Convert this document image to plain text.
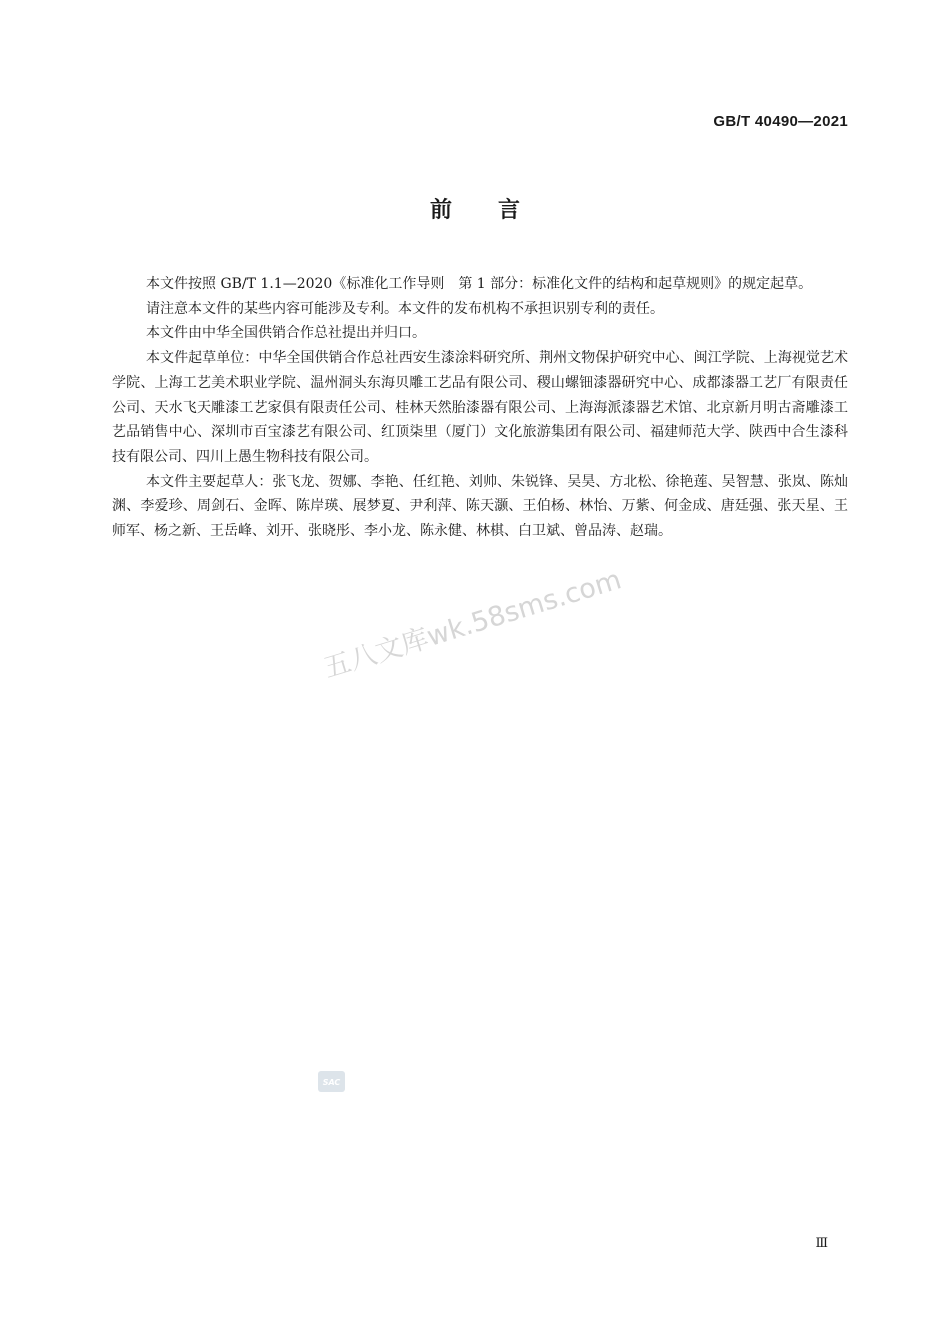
GB/T 40490—2021
前言

本文件按照 GB/T 1.1—2020《标准化工作导则　第 1 部分：标准化文件的结构和起草规则》的规定起草。

请注意本文件的某些内容可能涉及专利。本文件的发布机构不承担识别专利的责任。

本文件由中华全国供销合作总社提出并归口。

本文件起草单位：中华全国供销合作总社西安生漆涂料研究所、荆州文物保护研究中心、闽江学院、上海视觉艺术学院、上海工艺美术职业学院、温州洞头东海贝雕工艺品有限公司、稷山螺钿漆器研究中心、成都漆器工艺厂有限责任公司、天水飞天雕漆工艺家俱有限责任公司、桂林天然胎漆器有限公司、上海海派漆器艺术馆、北京新月明古斋雕漆工艺品销售中心、深圳市百宝漆艺有限公司、红顶柒里（厦门）文化旅游集团有限公司、福建师范大学、陕西中合生漆科技有限公司、四川上愚生物科技有限公司。

本文件主要起草人：张飞龙、贺娜、李艳、任红艳、刘帅、朱锐锋、吴昊、方北松、徐艳莲、吴智慧、张岚、陈灿渊、李爱珍、周剑石、金晖、陈岸瑛、展梦夏、尹利萍、陈天灏、王伯杨、林怡、万紫、何金成、唐廷强、张天星、王师军、杨之新、王岳峰、刘开、张晓彤、李小龙、陈永健、林棋、白卫斌、曾品涛、赵瑞。

五八文库wk.58sms.com
SAC
Ⅲ
